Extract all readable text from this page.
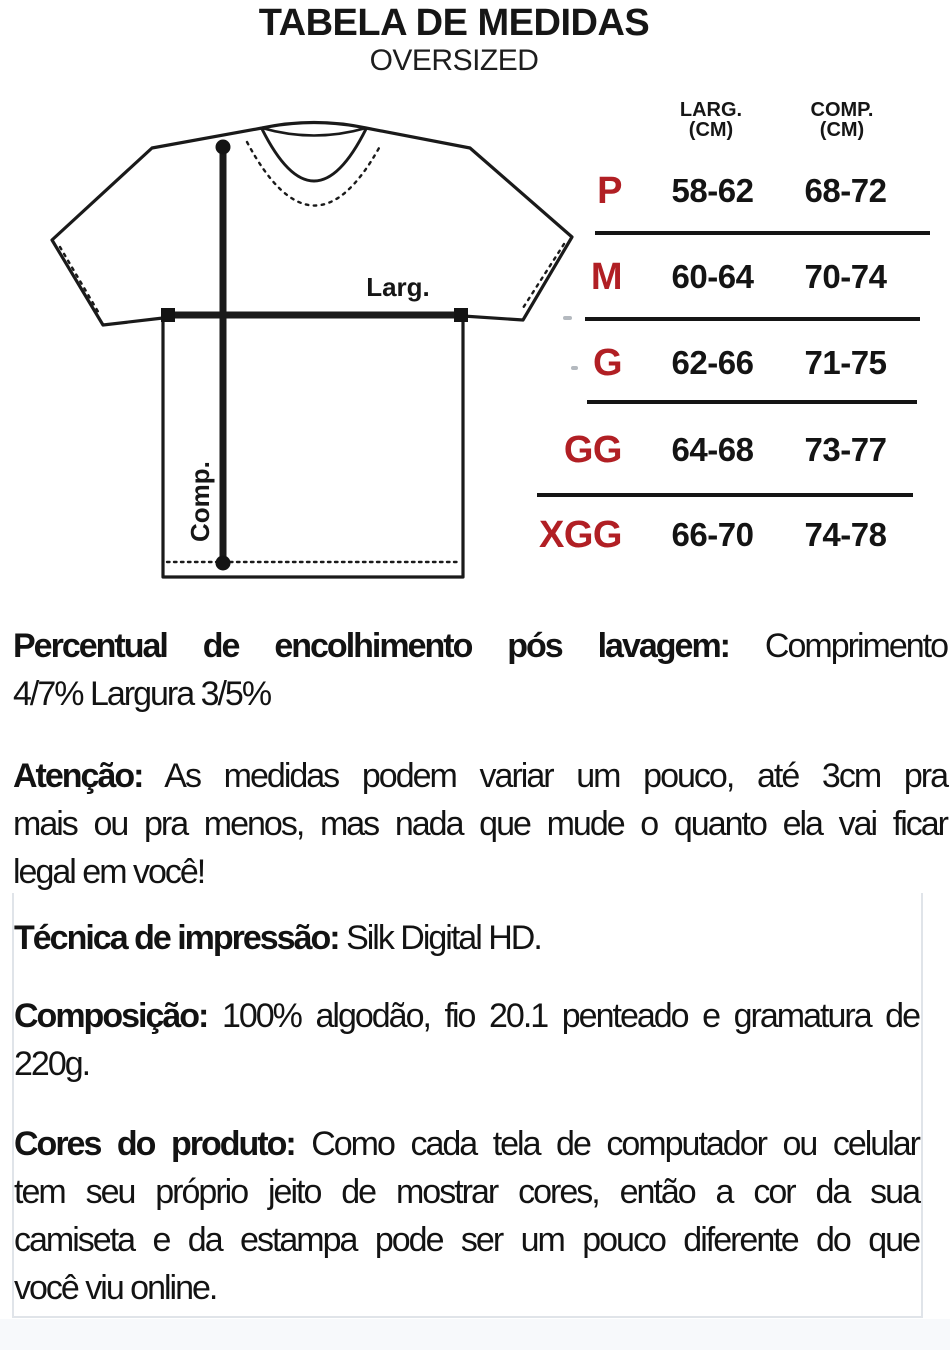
TABELA DE MEDIDAS
OVERSIZED
Larg.
Comp.
LARG.
(CM)
COMP.
(CM)
P	58-62	68-72
M	60-64	70-74
G	62-66	71-75
GG	64-68	73-77
XGG	66-70	74-78
Percentual de encolhimento pós lavagem: Comprimento
4/7% Largura 3/5%
Atenção: As medidas podem variar um pouco, até 3cm pra
mais ou pra menos, mas nada que mude o quanto ela vai ficar
legal em você!
Técnica de impressão: Silk Digital HD.
Composição: 100% algodão, fio 20.1 penteado e gramatura de
220g.
Cores do produto: Como cada tela de computador ou celular
tem seu próprio jeito de mostrar cores, então a cor da sua
camiseta e da estampa pode ser um pouco diferente do que
você viu online.
